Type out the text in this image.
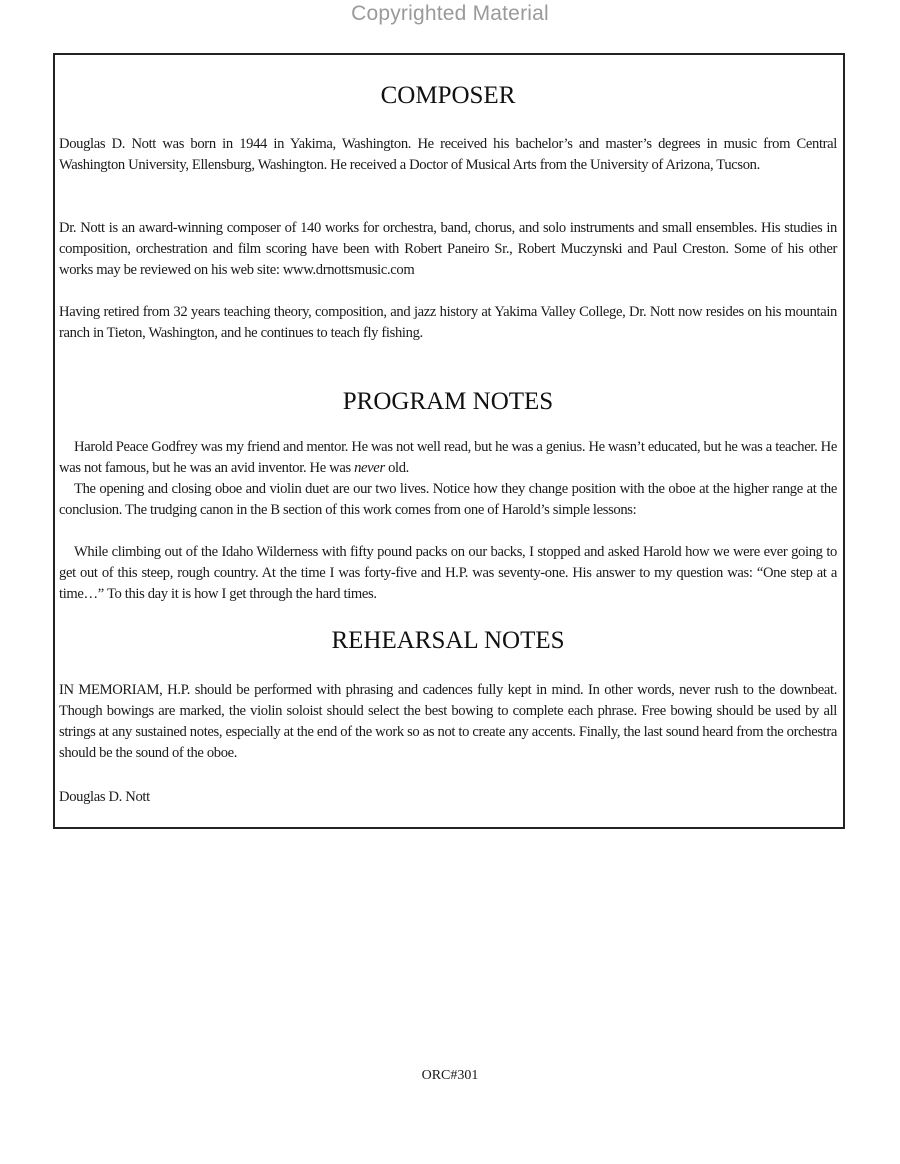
Copyrighted Material
COMPOSER

Douglas D. Nott was born in 1944 in Yakima, Washington. He received his bachelor’s and master’s degrees in music from Central Washington University, Ellensburg, Washington. He received a Doctor of Musical Arts from the University of Arizona, Tucson.

Dr. Nott is an award-winning composer of 140 works for orchestra, band, chorus, and solo instruments and small ensembles. His studies in composition, orchestration and film scoring have been with Robert Paneiro Sr., Robert Muczynski and Paul Creston. Some of his other works may be reviewed on his web site: www.drnottsmusic.com

Having retired from 32 years teaching theory, composition, and jazz history at Yakima Valley College, Dr. Nott now resides on his mountain ranch in Tieton, Washington, and he continues to teach fly fishing.

PROGRAM NOTES

Harold Peace Godfrey was my friend and mentor. He was not well read, but he was a genius. He wasn’t educated, but he was a teacher. He was not famous, but he was an avid inventor. He was never old.

The opening and closing oboe and violin duet are our two lives. Notice how they change position with the oboe at the higher range at the conclusion. The trudging canon in the B section of this work comes from one of Harold’s simple lessons:

While climbing out of the Idaho Wilderness with fifty pound packs on our backs, I stopped and asked Harold how we were ever going to get out of this steep, rough country. At the time I was forty-five and H.P. was seventy-one. His answer to my question was: “One step at a time…” To this day it is how I get through the hard times.

REHEARSAL NOTES

IN MEMORIAM, H.P. should be performed with phrasing and cadences fully kept in mind. In other words, never rush to the downbeat. Though bowings are marked, the violin soloist should select the best bowing to complete each phrase. Free bowing should be used by all strings at any sustained notes, especially at the end of the work so as not to create any accents. Finally, the last sound heard from the orchestra should be the sound of the oboe.

Douglas D. Nott

ORC#301
